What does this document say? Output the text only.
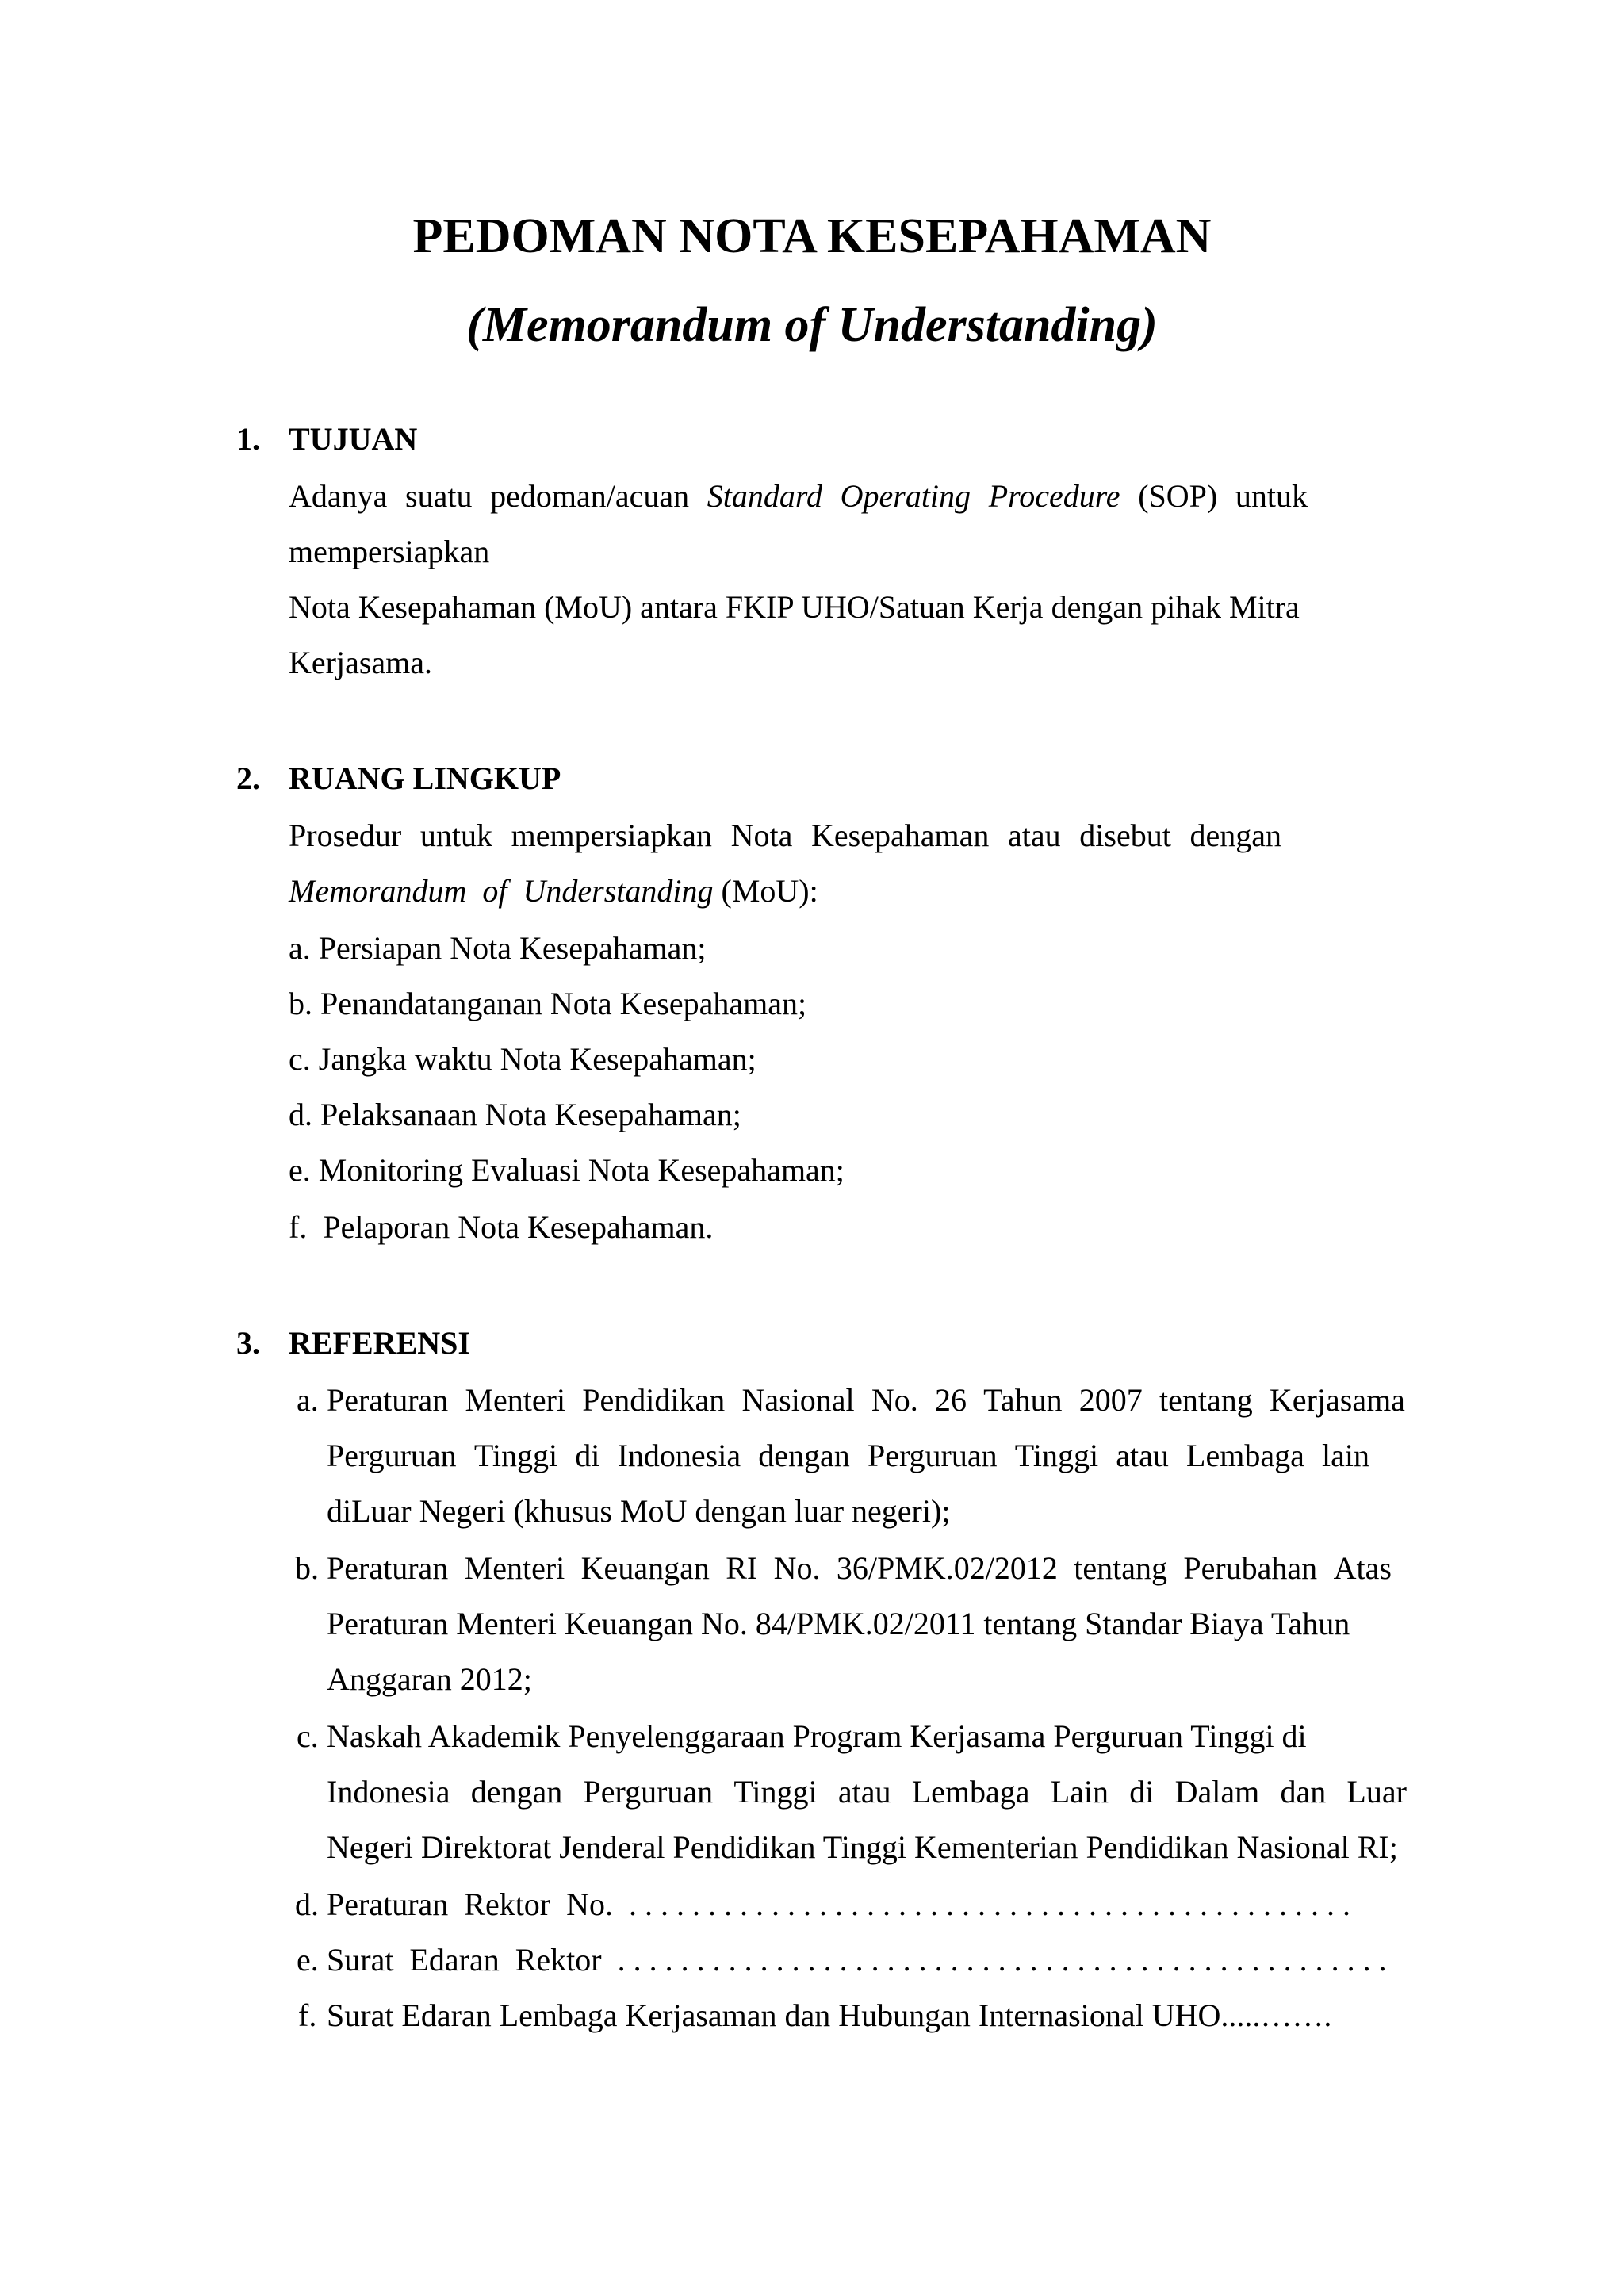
PEDOMAN NOTA KESEPAHAMAN
(Memorandum of Understanding)

1. TUJUAN

Adanya suatu pedoman/acuan Standard Operating Procedure (SOP) untuk

mempersiapkan

Nota Kesepahaman (MoU) antara FKIP UHO/Satuan Kerja dengan pihak Mitra

Kerjasama.

2. RUANG LINGKUP

Prosedur untuk mempersiapkan Nota Kesepahaman atau disebut dengan

Memorandum  of  Understanding (MoU):

a. Persiapan Nota Kesepahaman;

b. Penandatanganan Nota Kesepahaman;

c. Jangka waktu Nota Kesepahaman;

d. Pelaksanaan Nota Kesepahaman;

e. Monitoring Evaluasi Nota Kesepahaman;

f.  Pelaporan Nota Kesepahaman.

3. REFERENSI

a. Peraturan Menteri Pendidikan Nasional No. 26 Tahun 2007 tentang Kerjasama
Perguruan Tinggi di Indonesia dengan Perguruan Tinggi atau Lembaga lain

diLuar Negeri (khusus MoU dengan luar negeri);

b. Peraturan Menteri Keuangan RI No. 36/PMK.02/2012 tentang Perubahan Atas

Peraturan Menteri Keuangan No. 84/PMK.02/2011 tentang Standar Biaya Tahun

Anggaran 2012;

c. Naskah Akademik Penyelenggaraan Program Kerjasama Perguruan Tinggi di

Indonesia dengan Perguruan Tinggi atau Lembaga Lain di Dalam dan Luar

Negeri Direktorat Jenderal Pendidikan Tinggi Kementerian Pendidikan Nasional RI;

d. Peraturan  Rektor  No.  . . . . . . . . . . . . . . . . . . . . . . . . . . . . . . . . . . . . . . . . . . . . . .

e. Surat  Edaran  Rektor  . . . . . . . . . . . . . . . . . . . . . . . . . . . . . . . . . . . . . . . . . . . . . . . . .

f. Surat Edaran Lembaga Kerjasaman dan Hubungan Internasional UHO.....…….
